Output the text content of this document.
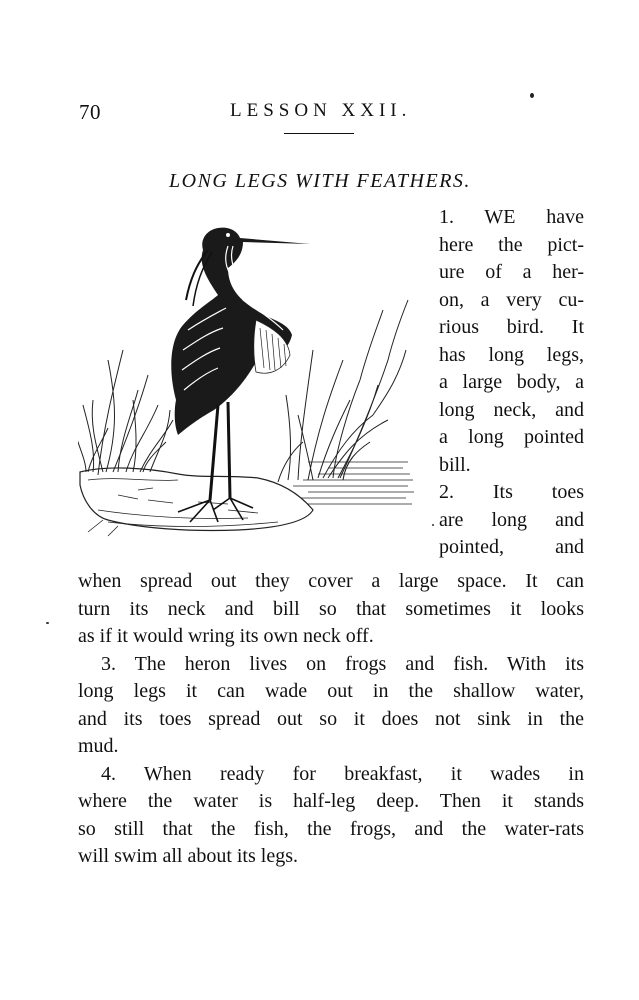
70	LESSON XXII.
LONG LEGS WITH FEATHERS.
1. WE have
here the pict-
ure of a her-
on, a very cu-
rious bird. It
has long legs,
a large body, a
long neck, and
a long pointed
bill.
2. Its toes
are long and
pointed, and
when spread out they cover a large space. It can
turn its neck and bill so that sometimes it looks
as if it would wring its own neck off.
3. The heron lives on frogs and fish. With its
long legs it can wade out in the shallow water,
and its toes spread out so it does not sink in the
mud.
4. When ready for breakfast, it wades in
where the water is half-leg deep. Then it stands
so still that the fish, the frogs, and the water-rats
will swim all about its legs.
